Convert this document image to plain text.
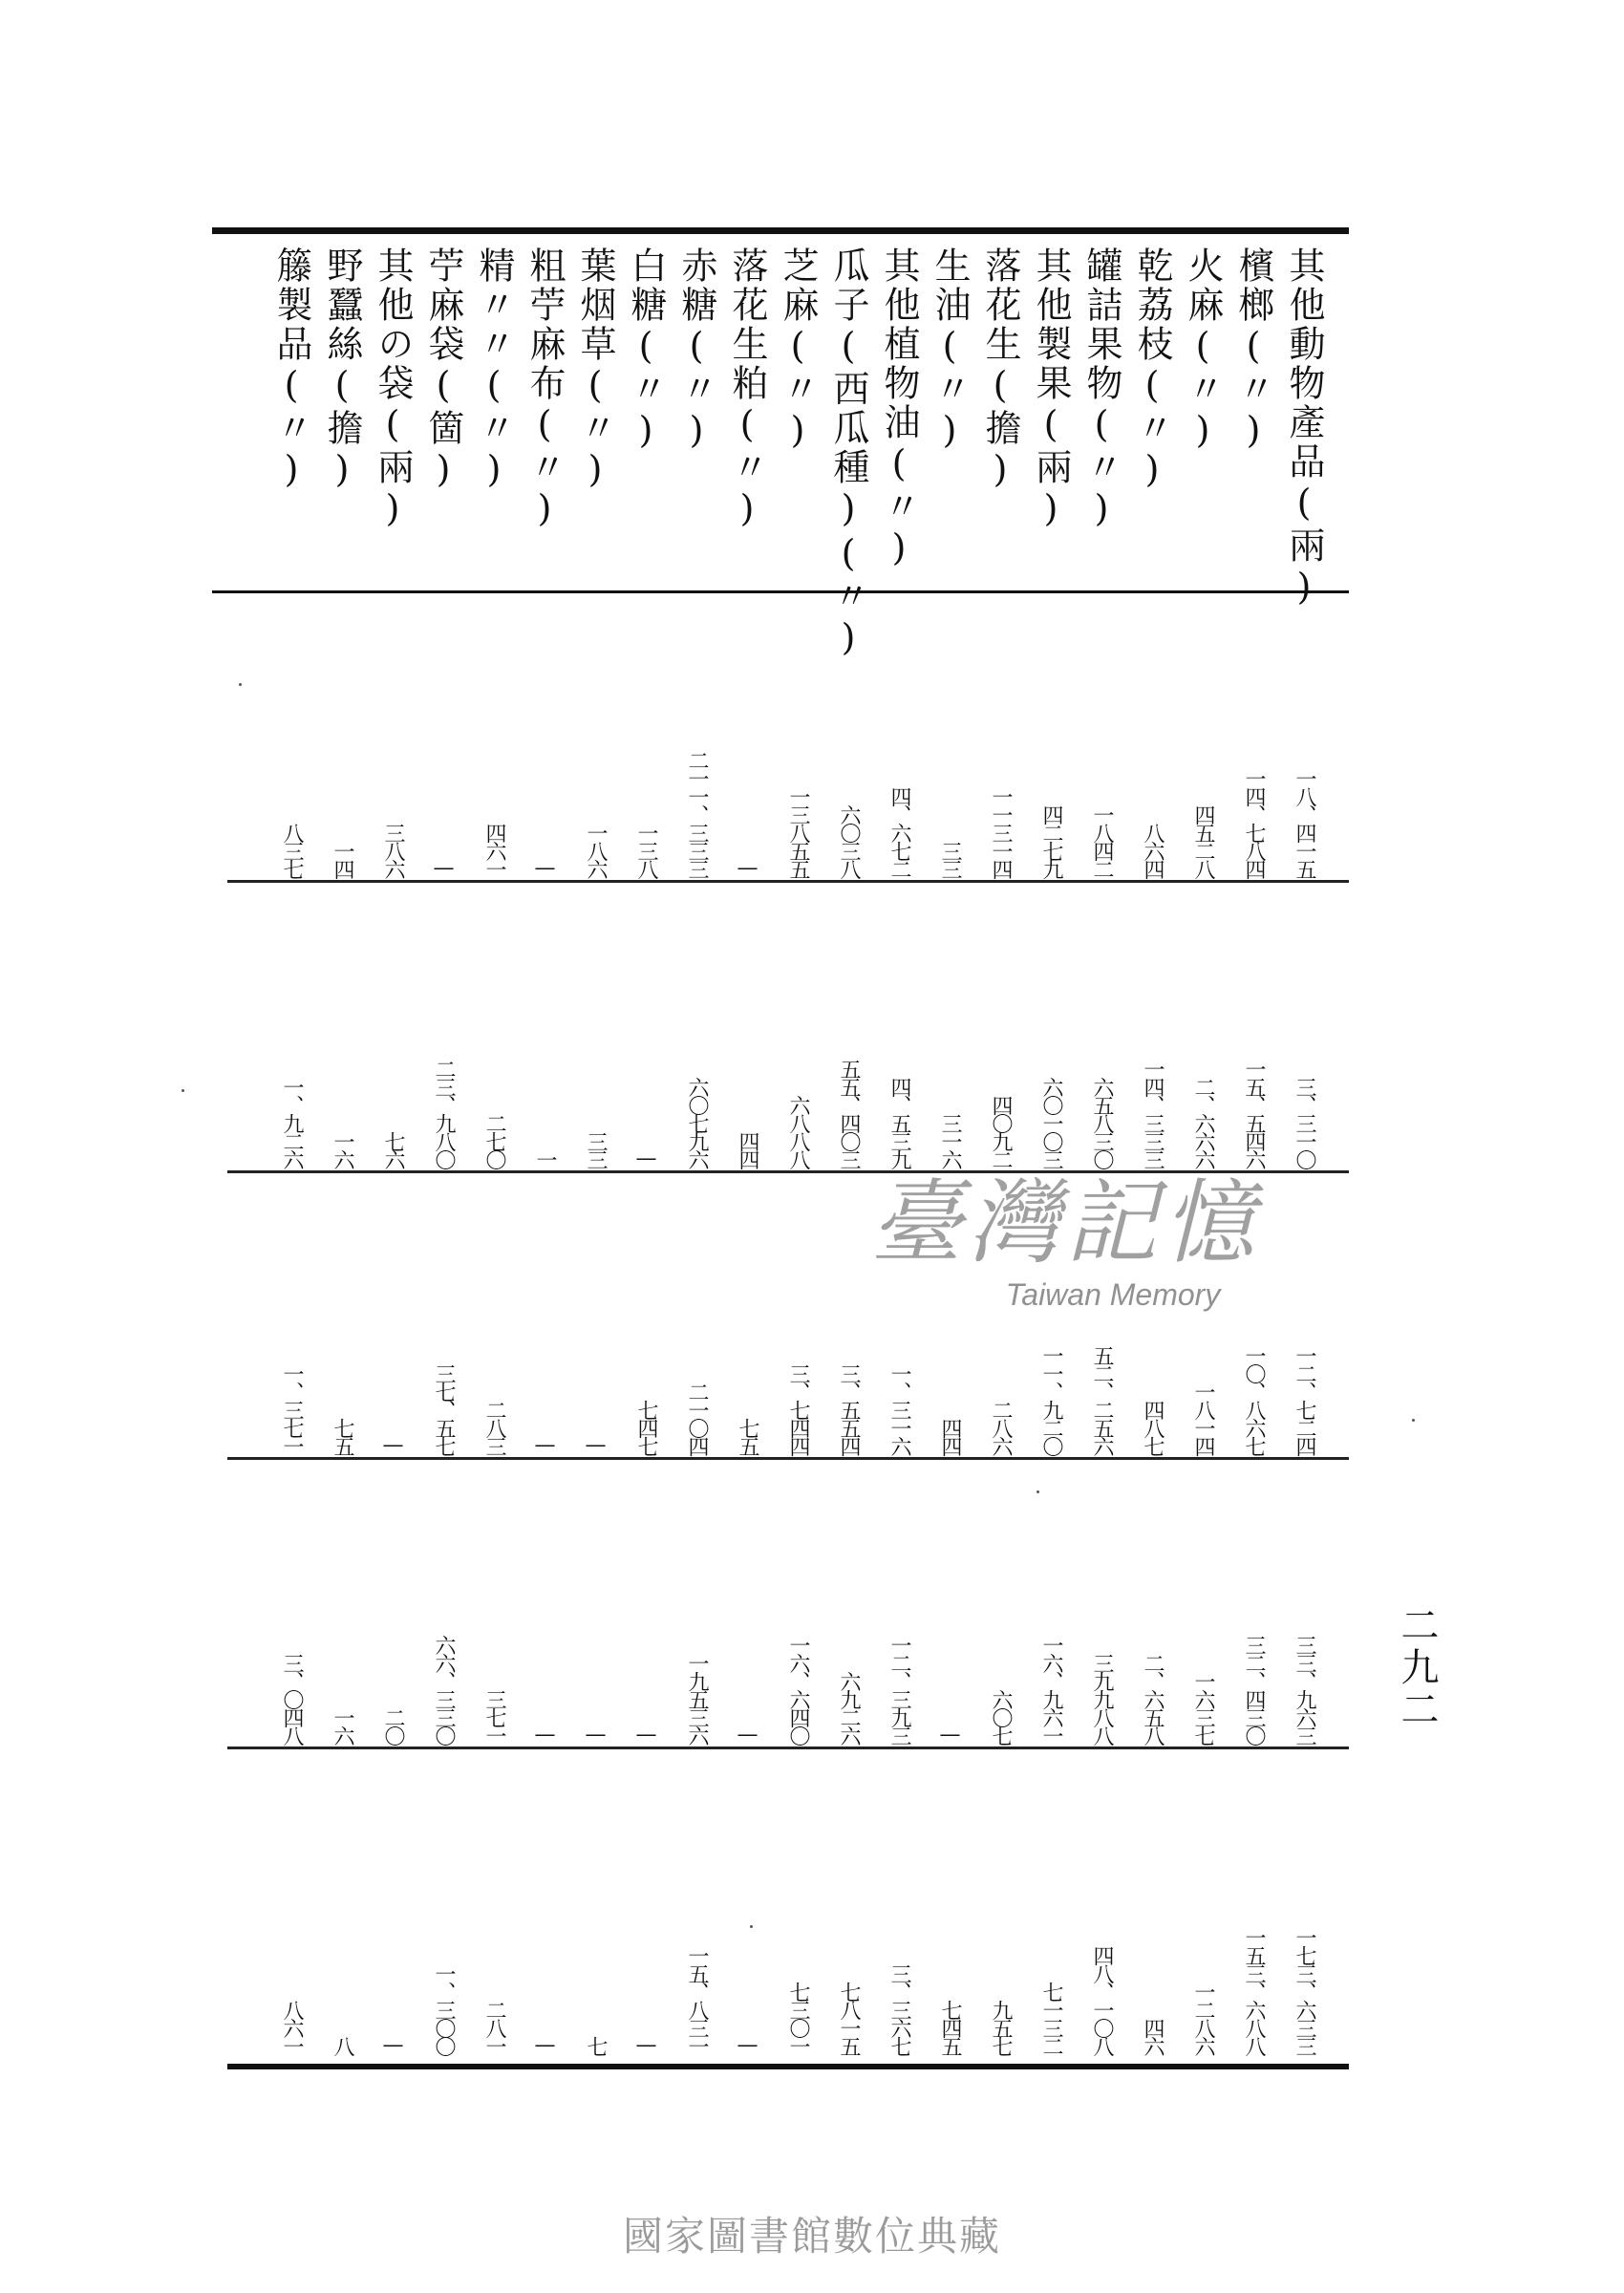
其他動物產品(兩)
一八、四一五
三、三一〇
一二、七二四
三三、九六三
一七三、六三三
檳榔(〃)
一四、七八四
一五、五四六
一〇、八六七
三二、四三〇
一五三、六八八
火麻(〃)
四五二八
二、六六六
一八一四
一六三七
一二八六
乾荔枝(〃)
八六四
一四、三三三
四八七
二、六五八
四六
罐詰果物(〃)
一八四二
六五八三〇
五二、二五六
三九九八八
四八、一〇八
其他製果(兩)
四二七九
六〇一〇三
一一、九二〇
一六、九六一
七一三二
落花生(擔)
一一三一四
四〇九二
二八六
六〇七
九五七
生油(〃)
三三
三一六
四四
—
七四五
其他植物油(〃)
四、六七二
四、五三九
一、三一六
一二、三九三
三、三六七
瓜子(西瓜種)(〃)
六〇三八
五五、四〇三
三、五五四
六九二六
七八一五
芝麻(〃)
一三八五五
六八八八
三、七四四
一六、六四〇
七三〇一
落花生粕(〃)
—
四四
七五
—
—
赤糖(〃)
二一一、三三三
六〇七九六
二一〇四
一九五三六
一五、八三一
白糖(〃)
一三八
—
七四七
—
—
葉烟草(〃)
一八六
三三
—
—
七
粗苧麻布(〃)
—
一
—
—
—
精〃〃(〃)
四六一
二七〇
二八三
三七一
二八一
苧麻袋(箇)
—
二三、九八〇
三七、五七
六六、三三〇
一、三〇〇
其他の袋(兩)
三八六
七六
—
二〇
—
野蠶絲(擔)
一四
一六
七五
一六
八
籐製品(〃)
八三七
一、九二六
一、三七一
三、〇四八
八六一
二九二
臺灣記憶
Taiwan Memory
國家圖書館數位典藏
